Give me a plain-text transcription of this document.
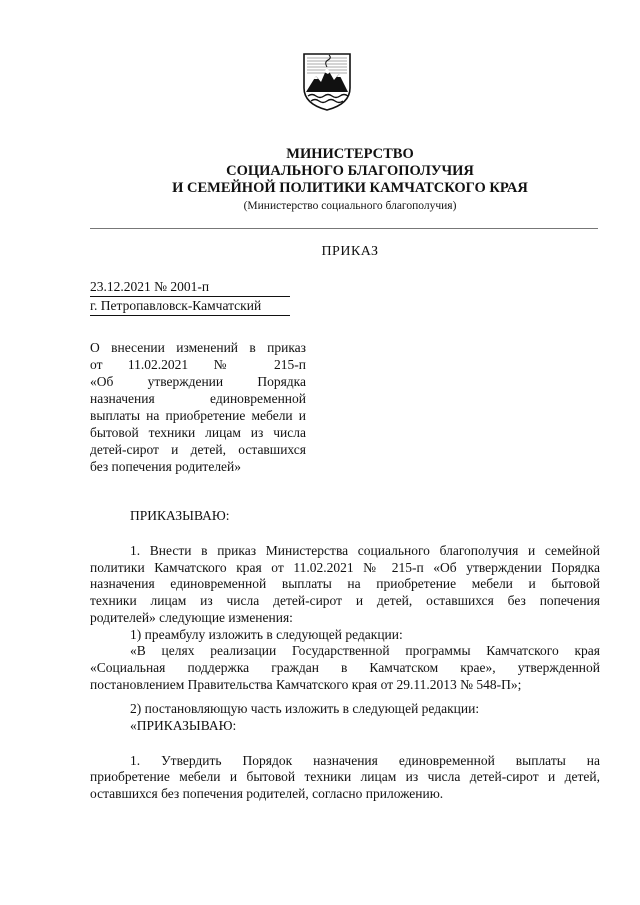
МИНИСТЕРСТВО
СОЦИАЛЬНОГО БЛАГОПОЛУЧИЯ
И СЕМЕЙНОЙ ПОЛИТИКИ КАМЧАТСКОГО КРАЯ
(Министерство социального благополучия)
ПРИКАЗ
23.12.2021 № 2001-п
г. Петропавловск-Камчатский
О внесении изменений в приказ
от 11.02.2021 № 215-п
«Об утверждении Порядка
назначения единовременной
выплаты на приобретение мебели и
бытовой техники лицам из числа
детей-сирот и детей, оставшихся
без попечения родителей»
ПРИКАЗЫВАЮ:
1. Внести в приказ Министерства социального благополучия и семейной
политики Камчатского края от 11.02.2021 № 215-п «Об утверждении Порядка
назначения единовременной выплаты на приобретение мебели и бытовой
техники лицам из числа детей-сирот и детей, оставшихся без попечения
родителей» следующие изменения:
1) преамбулу изложить в следующей редакции:
«В целях реализации Государственной программы Камчатского края
«Социальная поддержка граждан в Камчатском крае», утвержденной
постановлением Правительства Камчатского края от 29.11.2013 № 548-П»;
2) постановляющую часть изложить в следующей редакции:
«ПРИКАЗЫВАЮ:
1. Утвердить Порядок назначения единовременной выплаты на
приобретение мебели и бытовой техники лицам из числа детей-сирот и детей,
оставшихся без попечения родителей, согласно приложению.
